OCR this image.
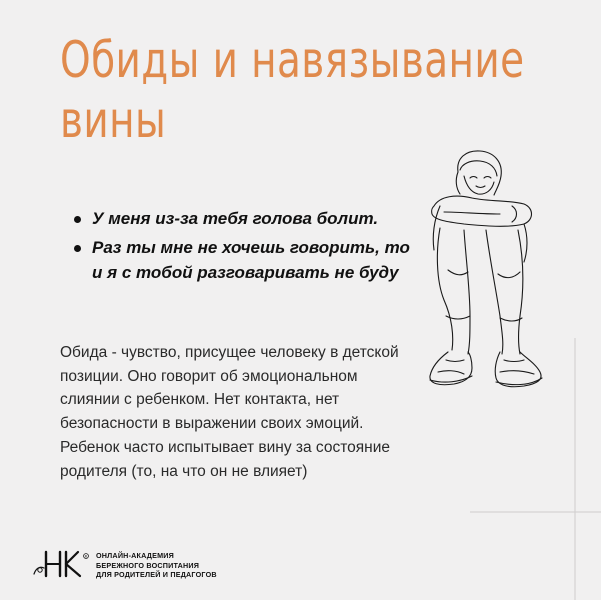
Обиды и навязывание
вины
У меня из-за тебя голова болит.
Раз ты мне не хочешь говорить, то и я с тобой разговаривать не буду

Обида - чувство, присущее человеку в детской позиции. Оно говорит об эмоциональном слиянии с ребенком. Нет контакта, нет безопасности в выражении своих эмоций. Ребенок часто испытывает вину за состояние родителя (то, на что он не влияет)

R ОНЛАЙН-АКАДЕМИЯ
БЕРЕЖНОГО ВОСПИТАНИЯ
ДЛЯ РОДИТЕЛЕЙ И ПЕДАГОГОВ
